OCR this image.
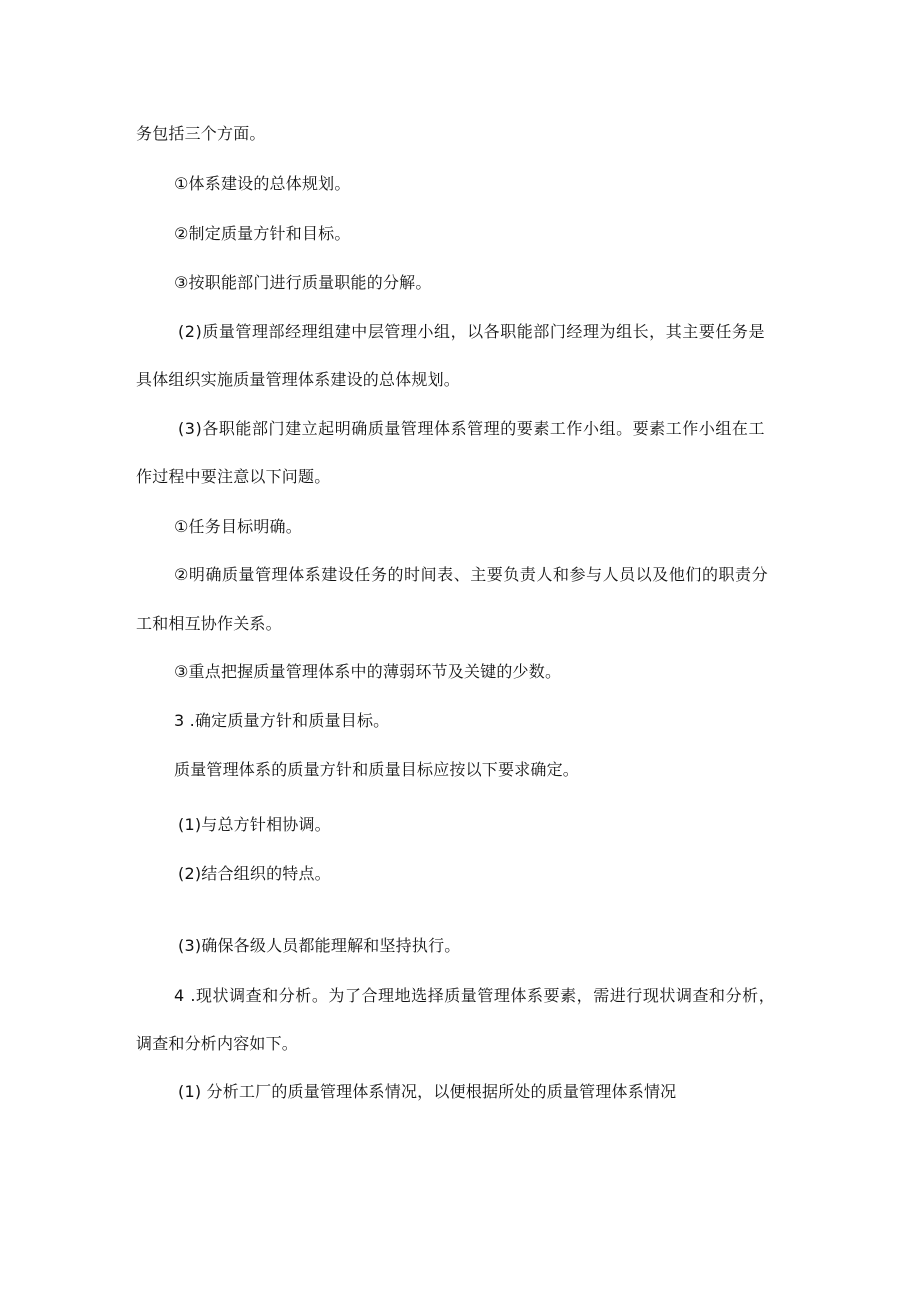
务包括三个方面。
①体系建设的总体规划。
②制定质量方针和目标。
③按职能部门进行质量职能的分解。
(2)质量管理部经理组建中层管理小组，以各职能部门经理为组长，其主要任务是
具体组织实施质量管理体系建设的总体规划。
(3)各职能部门建立起明确质量管理体系管理的要素工作小组。要素工作小组在工
作过程中要注意以下问题。
①任务目标明确。
②明确质量管理体系建设任务的时间表、主要负责人和参与人员以及他们的职责分
工和相互协作关系。
③重点把握质量管理体系中的薄弱环节及关键的少数。
3 .确定质量方针和质量目标。
质量管理体系的质量方针和质量目标应按以下要求确定。
(1)与总方针相协调。
(2)结合组织的特点。
(3)确保各级人员都能理解和坚持执行。
4 .现状调查和分析。为了合理地选择质量管理体系要素，需进行现状调查和分析，
调查和分析内容如下。
(1) 分析工厂的质量管理体系情况，以便根据所处的质量管理体系情况
